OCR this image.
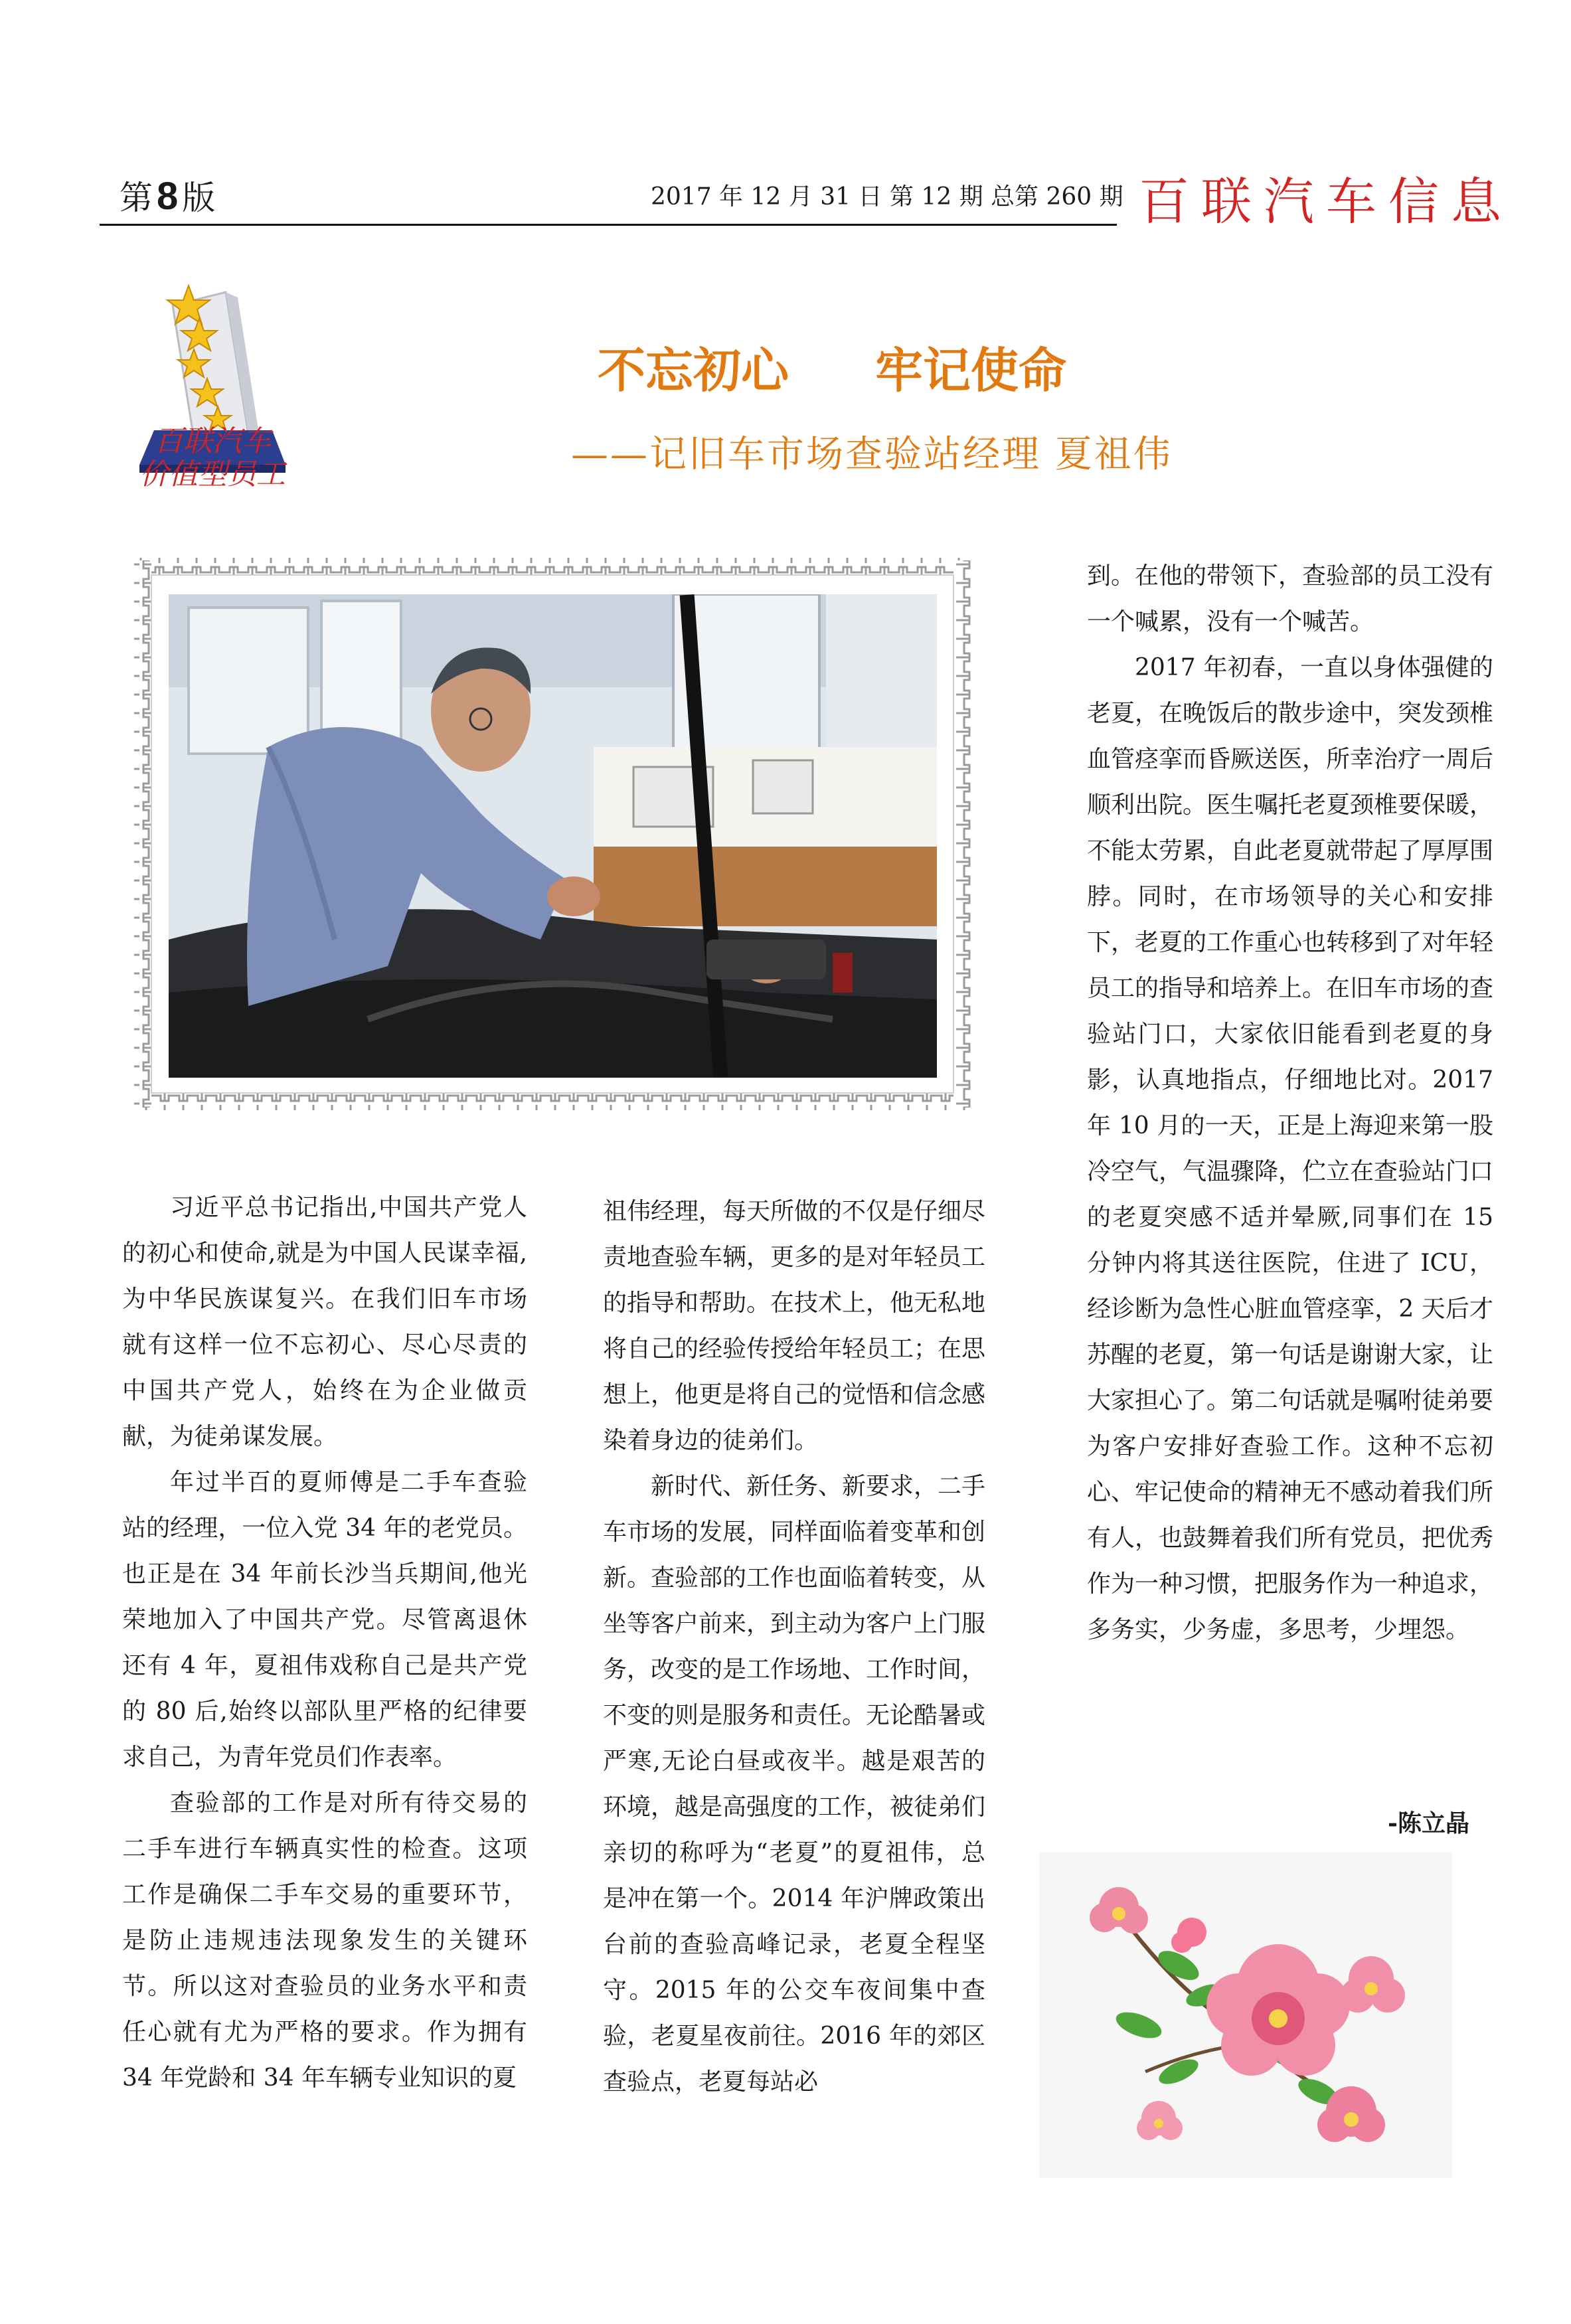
第 8 版	2017 年 12 月 31 日 第 12 期 总第 260 期 百联汽车信息
百联汽车
价值型员工
不忘初心 牢记使命
——记旧车市场查验站经理 夏祖伟

习近平总书记指出,中国共产党人的初心和使命,就是为中国人民谋幸福,为中华民族谋复兴。在我们旧车市场就有这样一位不忘初心、尽心尽责的中国共产党人，始终在为企业做贡献，为徒弟谋发展。

年过半百的夏师傅是二手车查验站的经理，一位入党 34 年的老党员。也正是在 34 年前长沙当兵期间,他光荣地加入了中国共产党。尽管离退休还有 4 年，夏祖伟戏称自己是共产党的 80 后,始终以部队里严格的纪律要求自己，为青年党员们作表率。

查验部的工作是对所有待交易的二手车进行车辆真实性的检查。这项工作是确保二手车交易的重要环节，是防止违规违法现象发生的关键环节。所以这对查验员的业务水平和责任心就有尤为严格的要求。作为拥有 34 年党龄和 34 年车辆专业知识的夏

祖伟经理，每天所做的不仅是仔细尽责地查验车辆，更多的是对年轻员工的指导和帮助。在技术上，他无私地将自己的经验传授给年轻员工；在思想上，他更是将自己的觉悟和信念感染着身边的徒弟们。

新时代、新任务、新要求，二手车市场的发展，同样面临着变革和创新。查验部的工作也面临着转变，从坐等客户前来，到主动为客户上门服务，改变的是工作场地、工作时间，不变的则是服务和责任。无论酷暑或严寒,无论白昼或夜半。越是艰苦的环境，越是高强度的工作，被徒弟们亲切的称呼为“老夏”的夏祖伟，总是冲在第一个。2014 年沪牌政策出台前的查验高峰记录，老夏全程坚守。2015 年的公交车夜间集中查验，老夏星夜前往。2016 年的郊区查验点，老夏每站必

到。在他的带领下，查验部的员工没有一个喊累，没有一个喊苦。

2017 年初春，一直以身体强健的老夏，在晚饭后的散步途中，突发颈椎血管痉挛而昏厥送医，所幸治疗一周后顺利出院。医生嘱托老夏颈椎要保暖，不能太劳累，自此老夏就带起了厚厚围脖。同时，在市场领导的关心和安排下，老夏的工作重心也转移到了对年轻员工的指导和培养上。在旧车市场的查验站门口，大家依旧能看到老夏的身影，认真地指点，仔细地比对。2017 年 10 月的一天，正是上海迎来第一股冷空气，气温骤降，伫立在查验站门口的老夏突感不适并晕厥,同事们在 15 分钟内将其送往医院，住进了 ICU，经诊断为急性心脏血管痉挛，2 天后才苏醒的老夏，第一句话是谢谢大家，让大家担心了。第二句话就是嘱咐徒弟要为客户安排好查验工作。这种不忘初心、牢记使命的精神无不感动着我们所有人，也鼓舞着我们所有党员，把优秀作为一种习惯，把服务作为一种追求，多务实，少务虚，多思考，少埋怨。

-陈立晶
